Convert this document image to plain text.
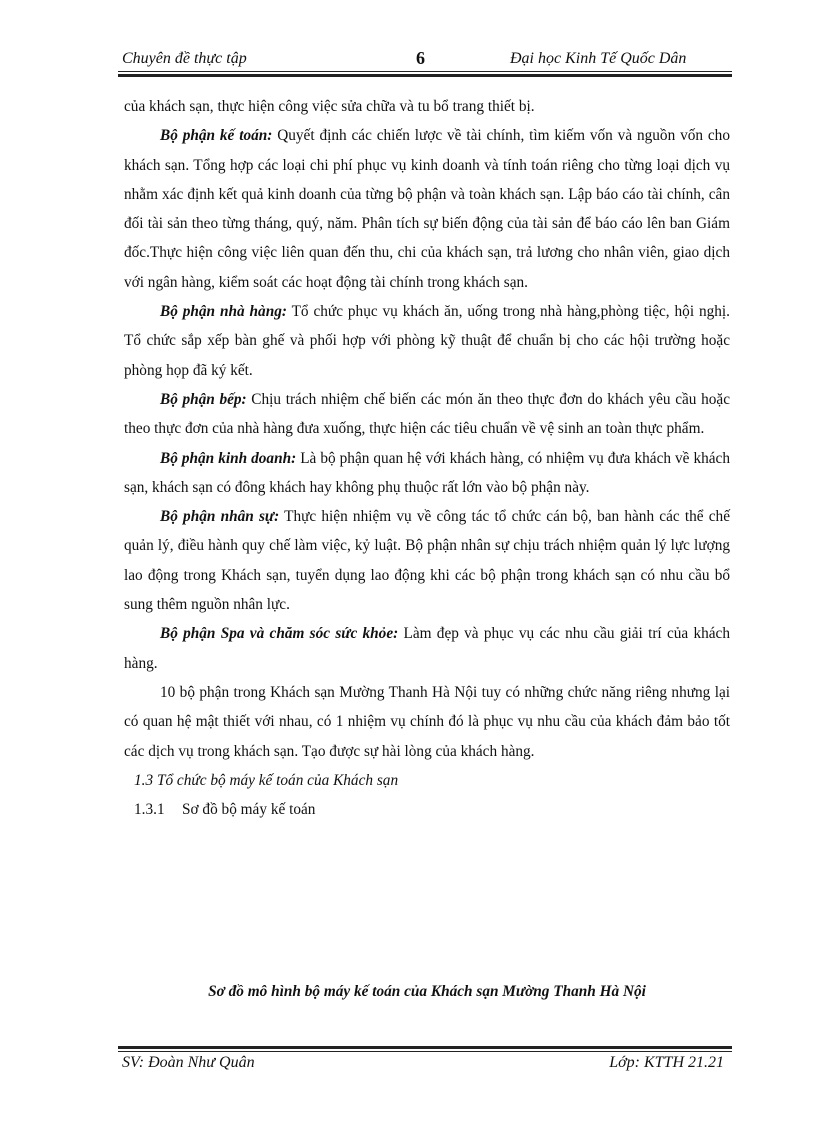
Chuyên đề thực tập	6	Đại học Kinh Tế Quốc Dân

của khách sạn, thực hiện công việc sửa chữa và tu bổ trang thiết bị.

Bộ phận kế toán: Quyết định các chiến lược về tài chính, tìm kiếm vốn và nguồn vốn cho khách sạn. Tổng hợp các loại chi phí phục vụ kinh doanh và tính toán riêng cho từng loại dịch vụ nhằm xác định kết quả kinh doanh của từng bộ phận và toàn khách sạn. Lập báo cáo tài chính, cân đối tài sản theo từng tháng, quý, năm. Phân tích sự biến động của tài sản để báo cáo lên ban Giám đốc.Thực hiện công việc liên quan đến thu, chi của khách sạn, trả lương cho nhân viên, giao dịch với ngân hàng, kiểm soát các hoạt động tài chính trong khách sạn.

Bộ phận nhà hàng: Tổ chức phục vụ khách ăn, uống trong nhà hàng,phòng tiệc, hội nghị. Tổ chức sắp xếp bàn ghế và phối hợp với phòng kỹ thuật để chuẩn bị cho các hội trường hoặc phòng họp đã ký kết.

Bộ phận bếp: Chịu trách nhiệm chế biến các món ăn theo thực đơn do khách yêu cầu hoặc theo thực đơn của nhà hàng đưa xuống, thực hiện các tiêu chuẩn về vệ sinh an toàn thực phẩm.

Bộ phận kinh doanh: Là bộ phận quan hệ với khách hàng, có nhiệm vụ đưa khách về khách sạn, khách sạn có đông khách hay không phụ thuộc rất lớn vào bộ phận này.

Bộ phận nhân sự: Thực hiện nhiệm vụ về công tác tổ chức cán bộ, ban hành các thể chế quản lý, điều hành quy chế làm việc, kỷ luật. Bộ phận nhân sự chịu trách nhiệm quản lý lực lượng lao động trong Khách sạn, tuyển dụng lao động khi các bộ phận trong khách sạn có nhu cầu bổ sung thêm nguồn nhân lực.

Bộ phận Spa và chăm sóc sức khỏe: Làm đẹp và phục vụ các nhu cầu giải trí của khách hàng.

10 bộ phận trong Khách sạn Mường Thanh Hà Nội tuy có những chức năng riêng nhưng lại có quan hệ mật thiết với nhau, có 1 nhiệm vụ chính đó là phục vụ nhu cầu của khách đảm bảo tốt các dịch vụ trong khách sạn. Tạo được sự hài lòng của khách hàng.

1.3 Tổ chức bộ máy kế toán của Khách sạn

1.3.1 Sơ đồ bộ máy kế toán

Sơ đồ mô hình bộ máy kế toán của Khách sạn Mường Thanh Hà Nội
SV: Đoàn Như Quân	Lớp: KTTH 21.21
